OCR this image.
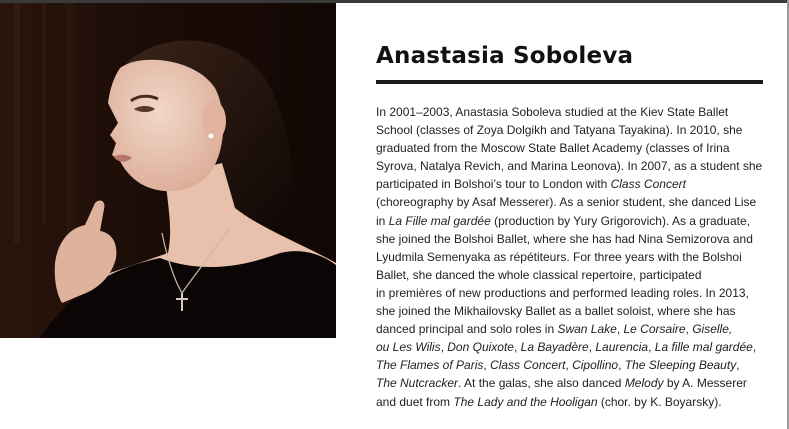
Anastasia Soboleva
In 2001–2003, Anastasia Soboleva studied at the Kiev State Ballet
School (classes of Zoya Dolgikh and Tatyana Tayakina). In 2010, she
graduated from the Moscow State Ballet Academy (classes of Irina
Syrova, Natalya Revich, and Marina Leonova). In 2007, as a student she
participated in Bolshoi’s tour to London with Class Concert
(choreography by Asaf Messerer). As a senior student, she danced Lise
in La Fille mal gardée (production by Yury Grigorovich). As a graduate,
she joined the Bolshoi Ballet, where she has had Nina Semizorova and
Lyudmila Semenyaka as répétiteurs. For three years with the Bolshoi
Ballet, she danced the whole classical repertoire, participated
in premières of new productions and performed leading roles. In 2013,
she joined the Mikhailovsky Ballet as a ballet soloist, where she has
danced principal and solo roles in Swan Lake, Le Corsaire, Giselle,
ou Les Wilis, Don Quixote, La Bayadère, Laurencia, La fille mal gardée,
The Flames of Paris, Class Concert, Cipollino, The Sleeping Beauty,
The Nutcracker. At the galas, she also danced Melody by A. Messerer
and duet from The Lady and the Hooligan (chor. by K. Boyarsky).
